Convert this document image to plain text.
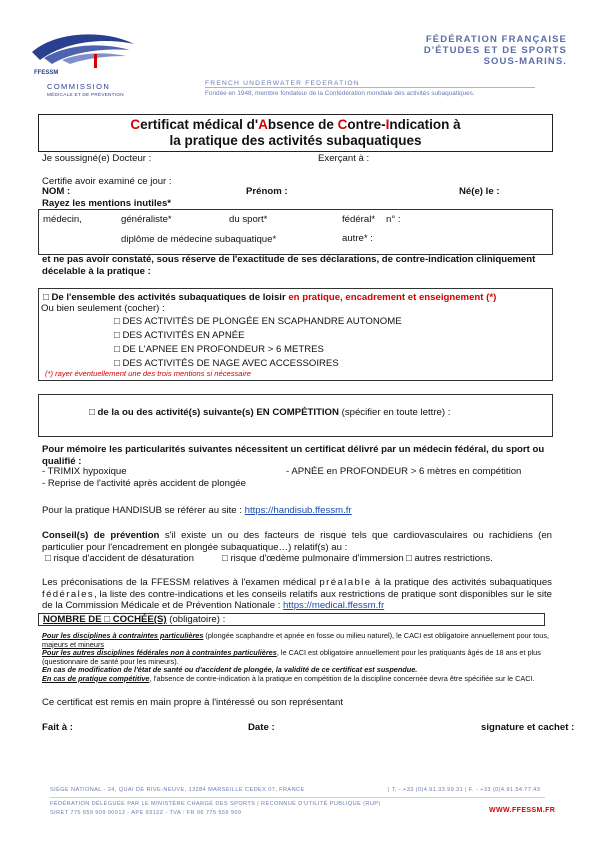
FFESSM
COMMISSION
MÉDICALE ET DE PRÉVENTION
FÉDÉRATION FRANÇAISE
D'ÉTUDES ET DE SPORTS
SOUS-MARINS.
FRENCH UNDERWATER FEDERATION
Fondée en 1948, membre fondateur de la Confédération mondiale des activités subaquatiques.
Certificat médical d'Absence de Contre-Indication à
la pratique des activités subaquatiques
Je soussigné(e) Docteur :	Exerçant à :
Certifie avoir examiné ce jour :
NOM :	Prénom :	Né(e) le :
Rayez les mentions inutiles*
médecin,	généraliste*	du sport*	fédéral* n° :
diplôme de médecine subaquatique*	autre* :
et ne pas avoir constaté, sous réserve de l'exactitude de ses déclarations, de contre-indication cliniquement décelable à la pratique :
□ De l'ensemble des activités subaquatiques de loisir en pratique, encadrement et enseignement (*)
Ou bien seulement (cocher) :
□ DES ACTIVITÉS DE PLONGÉE EN SCAPHANDRE AUTONOME
□ DES ACTIVITÉS EN APNÉE
□ DE L'APNEE EN PROFONDEUR > 6 METRES
□ DES ACTIVITÉS DE NAGE AVEC ACCESSOIRES
(*) rayer éventuellement une des trois mentions si nécessaire
□ de la ou des activité(s) suivante(s) EN COMPÉTITION (spécifier en toute lettre) :
Pour mémoire les particularités suivantes nécessitent un certificat délivré par un médecin fédéral, du sport ou qualifié :
- TRIMIX hypoxique	- APNÉE en PROFONDEUR > 6 mètres en compétition
- Reprise de l'activité après accident de plongée
Pour la pratique HANDISUB se référer au site : https://handisub.ffessm.fr
Conseil(s) de prévention s'il existe un ou des facteurs de risque tels que cardiovasculaires ou rachidiens (en particulier pour l'encadrement en plongée subaquatique…) relatif(s) au :
□ risque d'accident de désaturation	□ risque d'œdème pulmonaire d'immersion □ autres restrictions.
Les préconisations de la FFESSM relatives à l'examen médical préalable à la pratique des activités subaquatiques fédérales, la liste des contre-indications et les conseils relatifs aux restrictions de pratique sont disponibles sur le site de la Commission Médicale et de Prévention Nationale : https://medical.ffessm.fr
NOMBRE DE □ COCHÉE(S) (obligatoire) :
Pour les disciplines à contraintes particulières (plongée scaphandre et apnée en fosse ou milieu naturel), le CACI est obligatoire annuellement pour tous, majeurs et mineurs
Pour les autres disciplines fédérales non à contraintes particulières, le CACI est obligatoire annuellement pour les pratiquants âgés de 18 ans et plus (questionnaire de santé pour les mineurs).
En cas de modification de l'état de santé ou d'accident de plongée, la validité de ce certificat est suspendue.
En cas de pratique compétitive, l'absence de contre-indication à la pratique en compétition de la discipline concernée devra être spécifiée sur le CACI.
Ce certificat est remis en main propre à l'intéressé ou son représentant
Fait à :	Date :	signature et cachet :
SIÈGE NATIONAL - 24, QUAI DE RIVE-NEUVE, 13284 MARSEILLE CEDEX 07, FRANCE	| T. - +33 (0)4.91.33.99.31 | F. - +33 (0)4.91.54.77.43
FÉDÉRATION DÉLÉGUÉE PAR LE MINISTÈRE CHARGÉ DES SPORTS | RECONNUE D'UTILITÉ PUBLIQUE (RUP)
SIRET 775 559 909 00012 - APE 9312Z - TVA : FR 06 775 559 909	WWW.FFESSM.FR
